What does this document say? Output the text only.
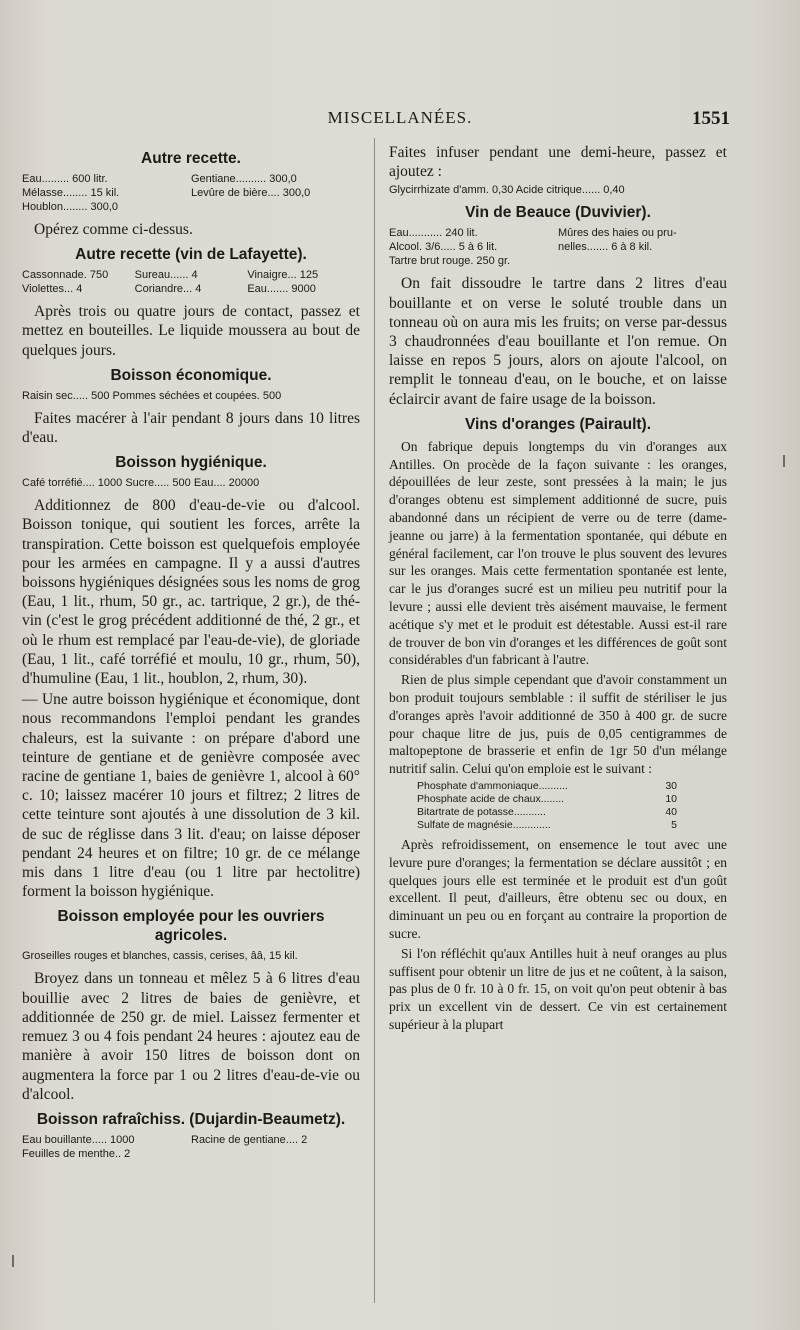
MISCELLANÉES.	1551
Autre recette.
Eau......... 600 litr.	Gentiane.......... 300,0
Mélasse........ 15 kil.	Levûre de bière.... 300,0
Houblon........ 300,0

Opérez comme ci-dessus.

Autre recette (vin de Lafayette).
Cassonnade. 750	Sureau...... 4	Vinaigre... 125
Violettes... 4	Coriandre... 4	Eau....... 9000

Après trois ou quatre jours de contact, passez et mettez en bouteilles. Le liquide moussera au bout de quelques jours.

Boisson économique.
Raisin sec..... 500 Pommes séchées et coupées. 500

Faites macérer à l'air pendant 8 jours dans 10 litres d'eau.

Boisson hygiénique.
Café torréfié.... 1000 Sucre..... 500 Eau.... 20000

Additionnez de 800 d'eau-de-vie ou d'alcool. Boisson tonique, qui soutient les forces, arrête la transpiration. Cette boisson est quelquefois employée pour les armées en campagne. Il y a aussi d'autres boissons hygiéniques désignées sous les noms de grog (Eau, 1 lit., rhum, 50 gr., ac. tartrique, 2 gr.), de thé-vin (c'est le grog précédent additionné de thé, 2 gr., et où le rhum est remplacé par l'eau-de-vie), de gloriade (Eau, 1 lit., café torréfié et moulu, 10 gr., rhum, 50), d'humuline (Eau, 1 lit., houblon, 2, rhum, 30).

— Une autre boisson hygiénique et économique, dont nous recommandons l'emploi pendant les grandes chaleurs, est la suivante : on prépare d'abord une teinture de gentiane et de genièvre composée avec racine de gentiane 1, baies de genièvre 1, alcool à 60° c. 10; laissez macérer 10 jours et filtrez; 2 litres de cette teinture sont ajoutés à une dissolution de 3 kil. de suc de réglisse dans 3 lit. d'eau; on laisse déposer pendant 24 heures et on filtre; 10 gr. de ce mélange mis dans 1 litre d'eau (ou 1 litre par hectolitre) forment la boisson hygiénique.

Boisson employée pour les ouvriers agricoles.
Groseilles rouges et blanches, cassis, cerises, ââ, 15 kil.

Broyez dans un tonneau et mêlez 5 à 6 litres d'eau bouillie avec 2 litres de baies de genièvre, et additionnée de 250 gr. de miel. Laissez fermenter et remuez 3 ou 4 fois pendant 24 heures : ajoutez eau de manière à avoir 150 litres de boisson dont on augmentera la force par 1 ou 2 litres d'eau-de-vie ou d'alcool.

Boisson rafraîchiss. (Dujardin-Beaumetz).
Eau bouillante..... 1000	Racine de gentiane.... 2
Feuilles de menthe.. 2

Faites infuser pendant une demi-heure, passez et ajoutez :

Glycirrhizate d'amm. 0,30 Acide citrique...... 0,40
Vin de Beauce (Duvivier).
Eau........... 240 lit.	Mûres des haies ou pru-
Alcool. 3/6..... 5 à 6 lit.	nelles....... 6 à 8 kil.
Tartre brut rouge. 250 gr.

On fait dissoudre le tartre dans 2 litres d'eau bouillante et on verse le soluté trouble dans un tonneau où on aura mis les fruits; on verse par-dessus 3 chaudronnées d'eau bouillante et l'on remue. On laisse en repos 5 jours, alors on ajoute l'alcool, on remplit le tonneau d'eau, on le bouche, et on laisse éclaircir avant de faire usage de la boisson.

Vins d'oranges (Pairault).

On fabrique depuis longtemps du vin d'oranges aux Antilles. On procède de la façon suivante : les oranges, dépouillées de leur zeste, sont pressées à la main; le jus d'oranges obtenu est simplement additionné de sucre, puis abandonné dans un récipient de verre ou de terre (dame-jeanne ou jarre) à la fermentation spontanée, qui débute en général facilement, car l'on trouve le plus souvent des levures sur les oranges. Mais cette fermentation spontanée est lente, car le jus d'oranges sucré est un milieu peu nutritif pour la levure ; aussi elle devient très aisément mauvaise, le ferment acétique s'y met et le produit est détestable. Aussi est-il rare de trouver de bon vin d'oranges et les différences de goût sont considérables d'un fabricant à l'autre.

Rien de plus simple cependant que d'avoir constamment un bon produit toujours semblable : il suffit de stériliser le jus d'oranges après l'avoir additionné de 350 à 400 gr. de sucre pour chaque litre de jus, puis de 0,05 centigrammes de maltopeptone de brasserie et enfin de 1gr 50 d'un mélange nutritif salin. Celui qu'on emploie est le suivant :

Phosphate d'ammoniaque..........	30
Phosphate acide de chaux........	10
Bitartrate de potasse...........	40
Sulfate de magnésie.............	5

Après refroidissement, on ensemence le tout avec une levure pure d'oranges; la fermentation se déclare aussitôt ; en quelques jours elle est terminée et le produit est d'un goût excellent. Il peut, d'ailleurs, être obtenu sec ou doux, en diminuant un peu ou en forçant au contraire la proportion de sucre.

Si l'on réfléchit qu'aux Antilles huit à neuf oranges au plus suffisent pour obtenir un litre de jus et ne coûtent, à la saison, pas plus de 0 fr. 10 à 0 fr. 15, on voit qu'on peut obtenir à bas prix un excellent vin de dessert. Ce vin est certainement supérieur à la plupart
